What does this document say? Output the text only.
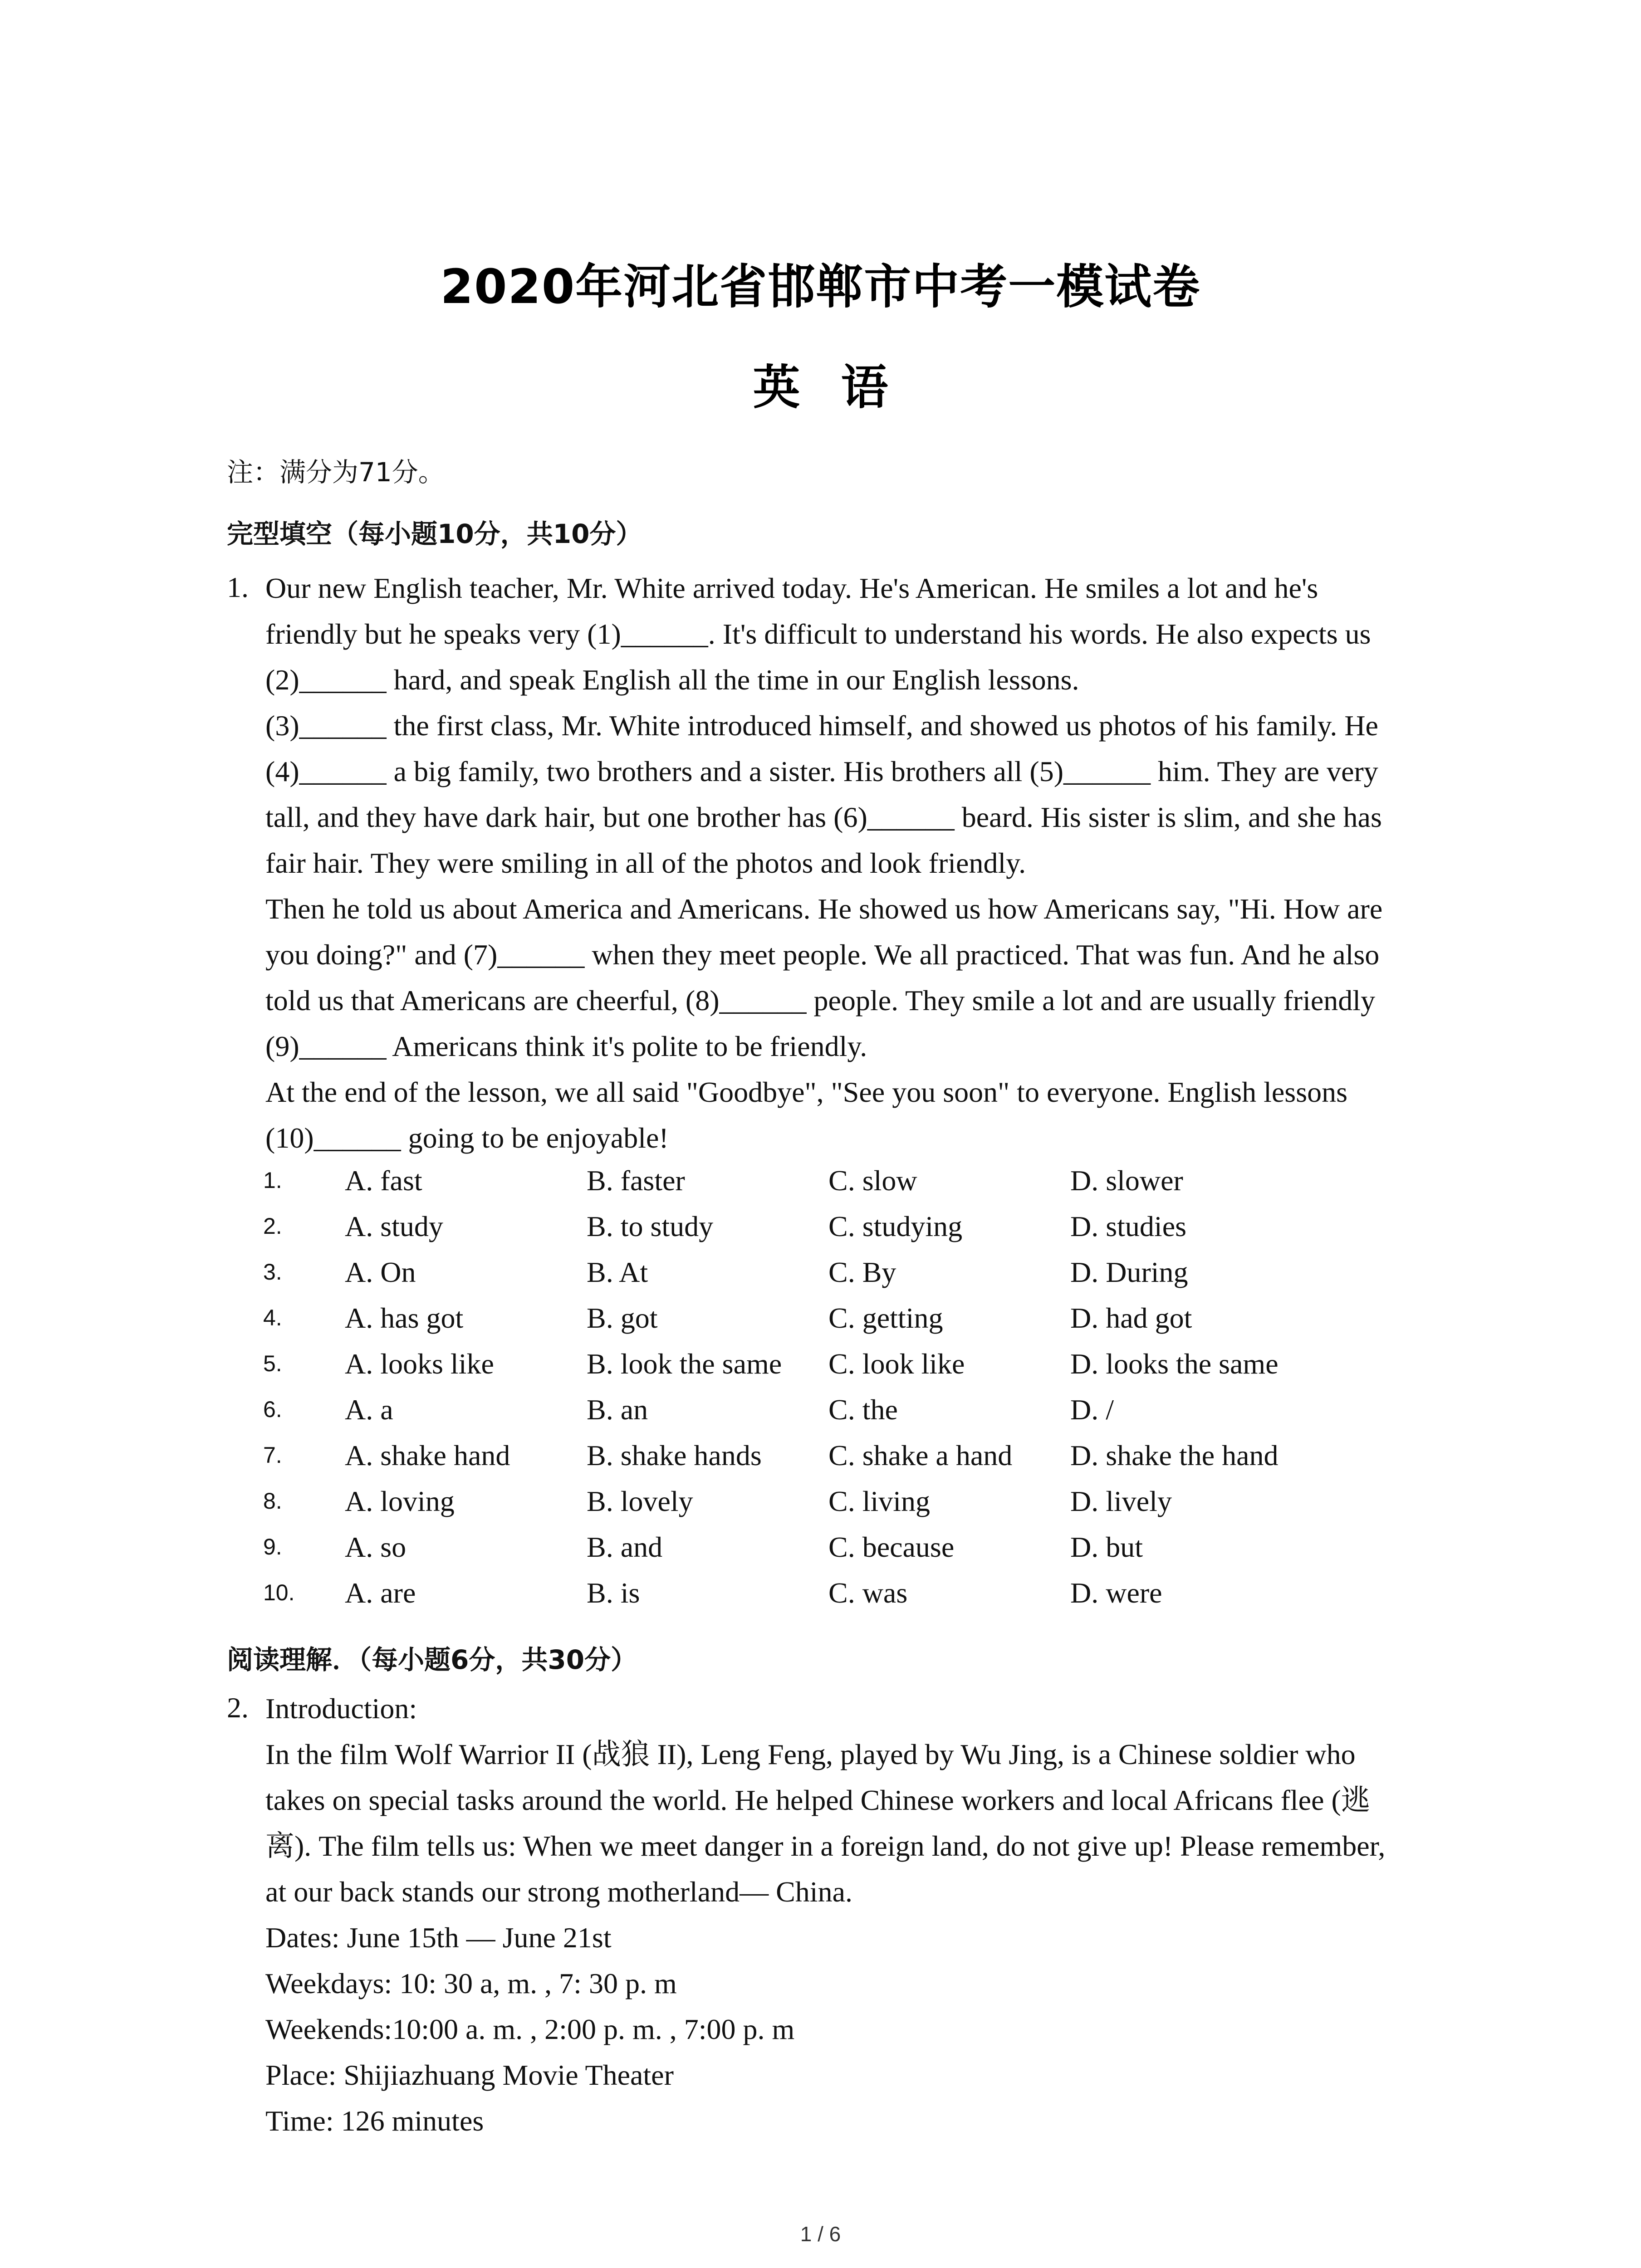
2020年河北省邯郸市中考一模试卷
英语
注：满分为71分。
完型填空（每小题10分，共10分）
1. Our new English teacher, Mr. White arrived today. He's American. He smiles a lot and he's
friendly but he speaks very (1)______. It's difficult to understand his words. He also expects us
(2)______ hard, and speak English all the time in our English lessons.
(3)______ the first class, Mr. White introduced himself, and showed us photos of his family. He
(4)______ a big family, two brothers and a sister. His brothers all (5)______ him. They are very
tall, and they have dark hair, but one brother has (6)______ beard. His sister is slim, and she has
fair hair. They were smiling in all of the photos and look friendly.
Then he told us about America and Americans. He showed us how Americans say, "Hi. How are
you doing?" and (7)______ when they meet people. We all practiced. That was fun. And he also
told us that Americans are cheerful, (8)______ people. They smile a lot and are usually friendly
(9)______ Americans think it's polite to be friendly.
At the end of the lesson, we all said "Goodbye", "See you soon" to everyone. English lessons
(10)______ going to be enjoyable!
1. A. fast	B. faster	C. slow	D. slower
2. A. study	B. to study	C. studying	D. studies
3. A. On	B. At	C. By	D. During
4. A. has got	B. got	C. getting	D. had got
5. A. looks like	B. look the same C. look like	D. looks the same
6. A. a	B. an	C. the	D. /
7. A. shake hand	B. shake hands C. shake a hand D. shake the hand
8. A. loving	B. lovely	C. living	D. lively
9. A. so	B. and	C. because	D. but
10. A. are	B. is	C. was	D. were
阅读理解．（每小题6分，共30分）
2. Introduction:
In the film Wolf Warrior II (战狼 II), Leng Feng, played by Wu Jing, is a Chinese soldier who
takes on special tasks around the world. He helped Chinese workers and local Africans flee (逃
离). The film tells us: When we meet danger in a foreign land, do not give up! Please remember,
at our back stands our strong motherland— China.
Dates: June 15th — June 21st
Weekdays: 10: 30 a, m. , 7: 30 p. m
Weekends:10:00 a. m. , 2:00 p. m. , 7:00 p. m
Place: Shijiazhuang Movie Theater
Time: 126 minutes
1 / 6
